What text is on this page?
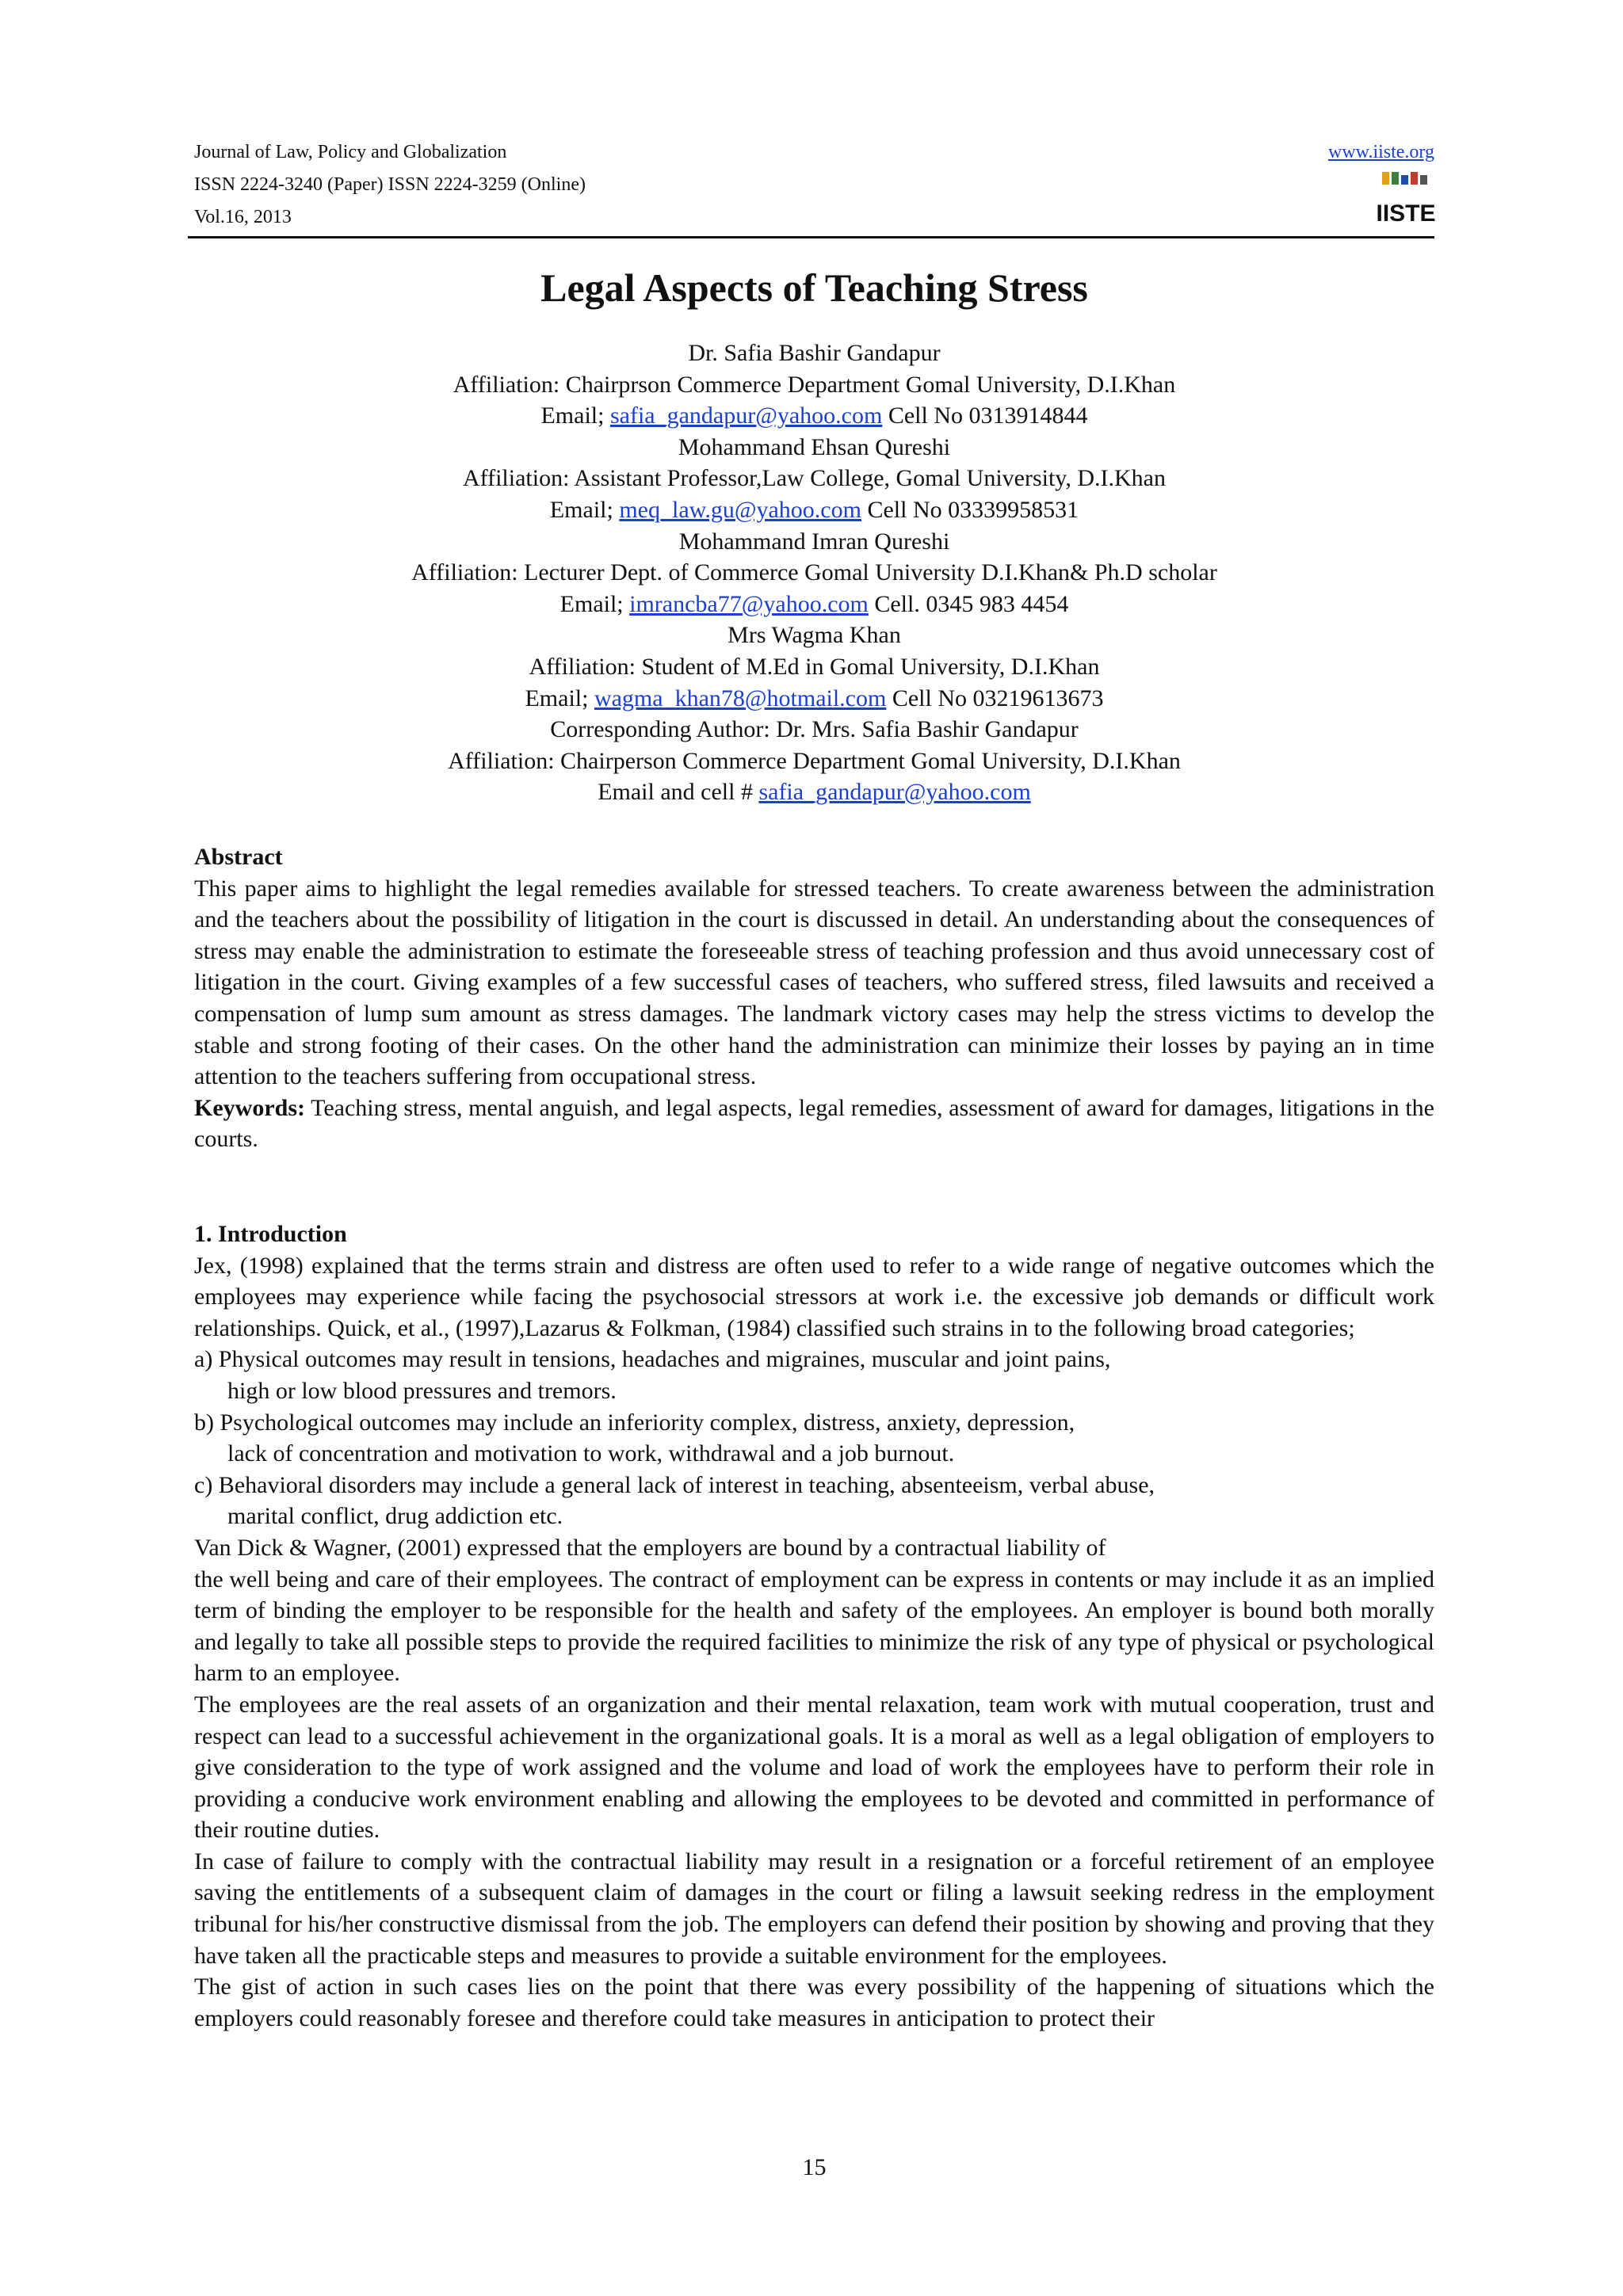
Journal of Law, Policy and Globalization
ISSN 2224-3240 (Paper) ISSN 2224-3259 (Online)
Vol.16, 2013
www.iiste.org
IISTE
Legal Aspects of Teaching Stress
Dr. Safia Bashir Gandapur
Affiliation: Chairprson Commerce Department Gomal University, D.I.Khan
Email; safia_gandapur@yahoo.com Cell No 0313914844
Mohammand Ehsan Qureshi
Affiliation: Assistant Professor,Law College, Gomal University, D.I.Khan
Email; meq_law.gu@yahoo.com Cell No 03339958531
Mohammand Imran Qureshi
Affiliation: Lecturer Dept. of Commerce Gomal University D.I.Khan& Ph.D scholar
Email; imrancba77@yahoo.com Cell. 0345 983 4454
Mrs Wagma Khan
Affiliation: Student of M.Ed in Gomal University, D.I.Khan
Email; wagma_khan78@hotmail.com Cell No 03219613673
Corresponding Author: Dr. Mrs. Safia Bashir Gandapur
Affiliation: Chairperson Commerce Department Gomal University, D.I.Khan
Email and cell # safia_gandapur@yahoo.com

Abstract

This paper aims to highlight the legal remedies available for stressed teachers. To create awareness between the administration and the teachers about the possibility of litigation in the court is discussed in detail. An understanding about the consequences of stress may enable the administration to estimate the foreseeable stress of teaching profession and thus avoid unnecessary cost of litigation in the court. Giving examples of a few successful cases of teachers, who suffered stress, filed lawsuits and received a compensation of lump sum amount as stress damages. The landmark victory cases may help the stress victims to develop the stable and strong footing of their cases. On the other hand the administration can minimize their losses by paying an in time attention to the teachers suffering from occupational stress.

Keywords: Teaching stress, mental anguish, and legal aspects, legal remedies, assessment of award for damages, litigations in the courts.

1. Introduction

Jex, (1998) explained that the terms strain and distress are often used to refer to a wide range of negative outcomes which the employees may experience while facing the psychosocial stressors at work i.e. the excessive job demands or difficult work relationships. Quick, et al., (1997),Lazarus & Folkman, (1984) classified such strains in to the following broad categories;

a) Physical outcomes may result in tensions, headaches and migraines, muscular and joint pains,
high or low blood pressures and tremors.

b) Psychological outcomes may include an inferiority complex, distress, anxiety, depression,
lack of concentration and motivation to work, withdrawal and a job burnout.

c) Behavioral disorders may include a general lack of interest in teaching, absenteeism, verbal abuse,
marital conflict, drug addiction etc.

Van Dick & Wagner, (2001) expressed that the employers are bound by a contractual liability of

the well being and care of their employees. The contract of employment can be express in contents or may include it as an implied term of binding the employer to be responsible for the health and safety of the employees. An employer is bound both morally and legally to take all possible steps to provide the required facilities to minimize the risk of any type of physical or psychological harm to an employee.

The employees are the real assets of an organization and their mental relaxation, team work with mutual cooperation, trust and respect can lead to a successful achievement in the organizational goals. It is a moral as well as a legal obligation of employers to give consideration to the type of work assigned and the volume and load of work the employees have to perform their role in providing a conducive work environment enabling and allowing the employees to be devoted and committed in performance of their routine duties.

In case of failure to comply with the contractual liability may result in a resignation or a forceful retirement of an employee saving the entitlements of a subsequent claim of damages in the court or filing a lawsuit seeking redress in the employment tribunal for his/her constructive dismissal from the job. The employers can defend their position by showing and proving that they have taken all the practicable steps and measures to provide a suitable environment for the employees.

The gist of action in such cases lies on the point that there was every possibility of the happening of situations which the employers could reasonably foresee and therefore could take measures in anticipation to protect their

15
